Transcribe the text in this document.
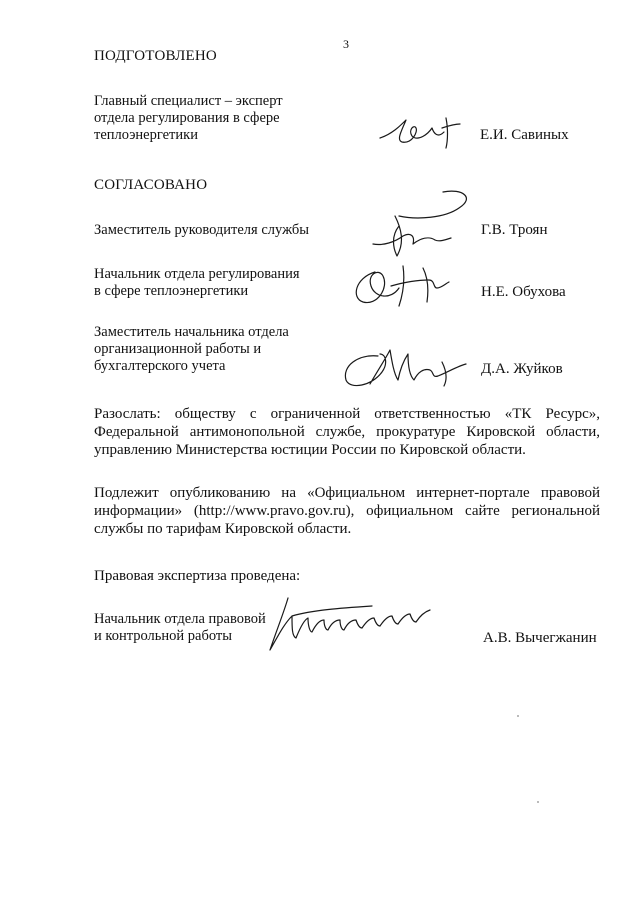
3
ПОДГОТОВЛЕНО
Главный специалист – эксперт
отдела регулирования в сфере
теплоэнергетики	Е.И. Савиных
СОГЛАСОВАНО
Заместитель руководителя службы	Г.В. Троян
Начальник отдела регулирования
в сфере теплоэнергетики	Н.Е. Обухова
Заместитель начальника отдела
организационной работы и
бухгалтерского учета	Д.А. Жуйков
Разослать: обществу с ограниченной ответственностью «ТК Ресурс», Федеральной антимонопольной службе, прокуратуре Кировской области, управлению Министерства юстиции России по Кировской области.
Подлежит опубликованию на «Официальном интернет-портале правовой информации» (http://www.pravo.gov.ru), официальном сайте региональной службы по тарифам Кировской области.
Правовая экспертиза проведена:
Начальник отдела правовой
и контрольной работы	А.В. Вычегжанин
